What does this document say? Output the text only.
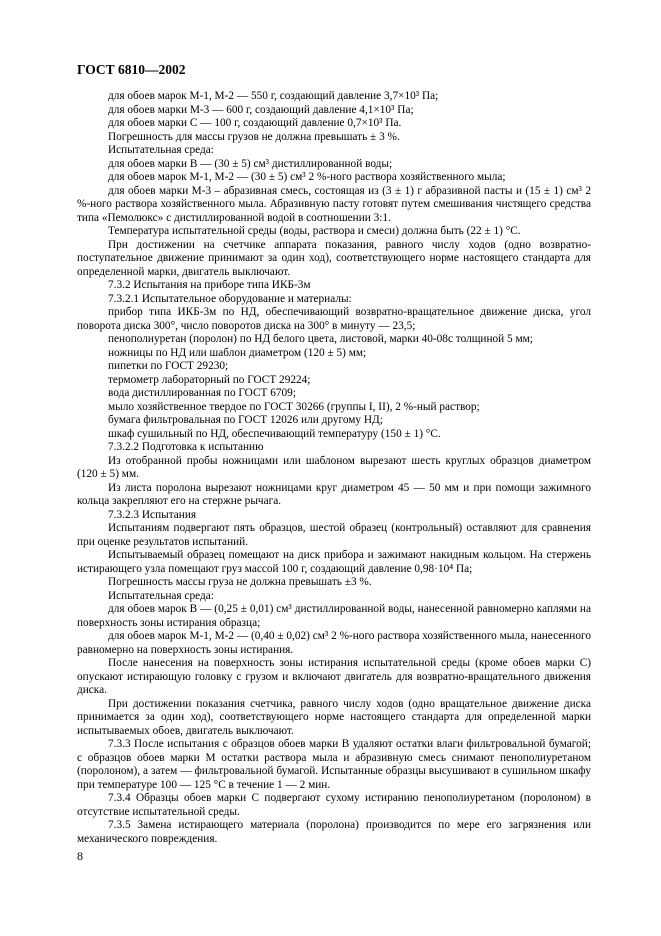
ГОСТ 6810—2002

для обоев марок М-1, М-2 — 550 г, создающий давление 3,7×10³ Па;

для обоев марки М-3 — 600 г, создающий давление 4,1×10³ Па;

для обоев марки С — 100 г, создающий давление 0,7×10³ Па.

Погрешность для массы грузов не должна превышать ± 3 %.

Испытательная среда:

для обоев марки В — (30 ± 5) см³ дистиллированной воды;

для обоев марок М-1, М-2 — (30 ± 5) см³ 2 %-ного раствора хозяйственного мыла;

для обоев марки М-3 – абразивная смесь, состоящая из (3 ± 1) г абразивной пасты и (15 ± 1) см³ 2 %-ного раствора хозяйственного мыла. Абразивную пасту готовят путем смешивания чистящего средства типа «Пемолюкс» с дистиллированной водой в соотношении 3:1.

Температура испытательной среды (воды, раствора и смеси) должна быть (22 ± 1) °С.

При достижении на счетчике аппарата показания, равного числу ходов (одно возвратно-поступательное движение принимают за один ход), соответствующего норме настоящего стандарта для определенной марки, двигатель выключают.

7.3.2 Испытания на приборе типа ИКБ-3м

7.3.2.1 Испытательное оборудование и материалы:

прибор типа ИКБ-3м по НД, обеспечивающий возвратно-вращательное движение диска, угол поворота диска 300°, число поворотов диска на 300° в минуту — 23,5;

пенополиуретан (поролон) по НД белого цвета, листовой, марки 40-08с толщиной 5 мм;

ножницы по НД или шаблон диаметром (120 ± 5) мм;

пипетки по ГОСТ 29230;

термометр лабораторный по ГОСТ 29224;

вода дистиллированная по ГОСТ 6709;

мыло хозяйственное твердое по ГОСТ 30266 (группы I, II), 2 %-ный раствор;

бумага фильтровальная по ГОСТ 12026 или другому НД;

шкаф сушильный по НД, обеспечивающий температуру (150 ± 1) °С.

7.3.2.2 Подготовка к испытанию

Из отобранной пробы ножницами или шаблоном вырезают шесть круглых образцов диаметром (120 ± 5) мм.

Из листа поролона вырезают ножницами круг диаметром 45 — 50 мм и при помощи зажимного кольца закрепляют его на стержне рычага.

7.3.2.3 Испытания

Испытаниям подвергают пять образцов, шестой образец (контрольный) оставляют для сравнения при оценке результатов испытаний.

Испытываемый образец помещают на диск прибора и зажимают накидным кольцом. На стержень истирающего узла помещают груз массой 100 г, создающий давление 0,98·10⁴ Па;

Погрешность массы груза не должна превышать ±3 %.

Испытательная среда:

для обоев марок В — (0,25 ± 0,01) см³ дистиллированной воды, нанесенной равномерно каплями на поверхность зоны истирания образца;

для обоев марок М-1, М-2 — (0,40 ± 0,02) см³ 2 %-ного раствора хозяйственного мыла, нанесенного равномерно на поверхность зоны истирания.

После нанесения на поверхность зоны истирания испытательной среды (кроме обоев марки С) опускают истирающую головку с грузом и включают двигатель для возвратно-вращательного движения диска.

При достижении показания счетчика, равного числу ходов (одно вращательное движение диска принимается за один ход), соответствующего норме настоящего стандарта для определенной марки испытываемых обоев, двигатель выключают.

7.3.3 После испытания с образцов обоев марки В удаляют остатки влаги фильтровальной бумагой; с образцов обоев марки М остатки раствора мыла и абразивную смесь снимают пенополиуретаном (поролоном), а затем — фильтровальной бумагой. Испытанные образцы высушивают в сушильном шкафу при температуре 100 — 125 °С в течение 1 — 2 мин.

7.3.4 Образцы обоев марки С подвергают сухому истиранию пенополиуретаном (поролоном) в отсутствие испытательной среды.

7.3.5 Замена истирающего материала (поролона) производится по мере его загрязнения или механического повреждения.

8
